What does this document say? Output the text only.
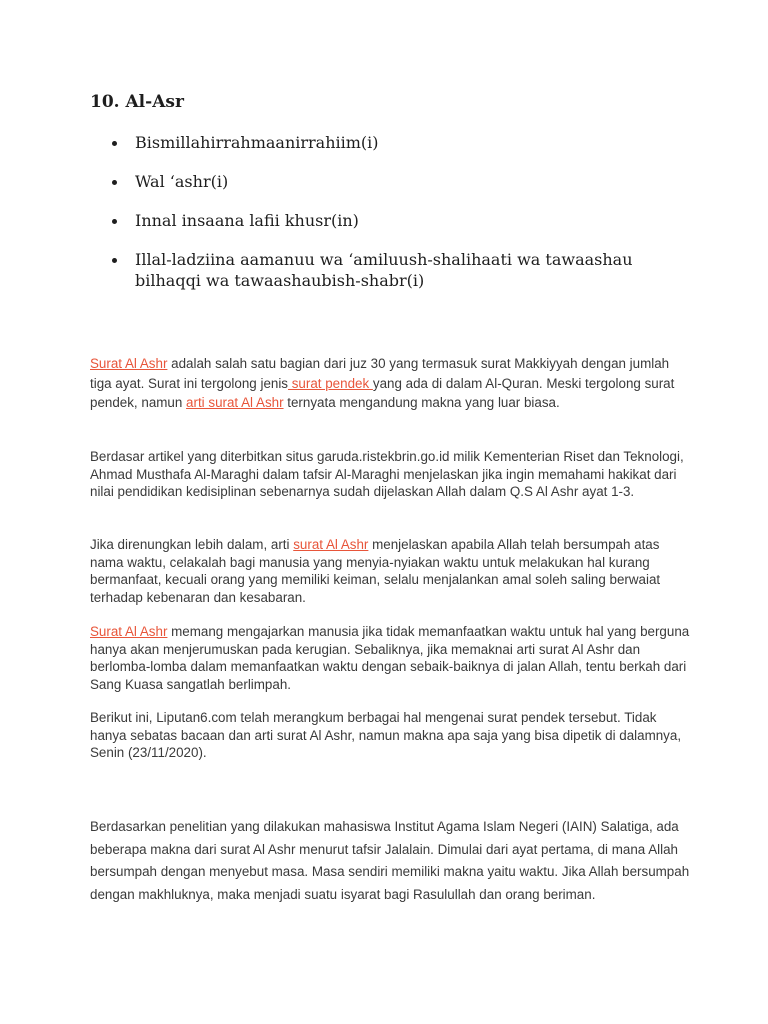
10. Al-Asr
Bismillahirrahmaanirrahiim(i)
Wal ‘ashr(i)
Innal insaana lafii khusr(in)
Illal-ladziina aamanuu wa ‘amiluush-shalihaati wa tawaashau bilhaqqi wa tawaashaubish-shabr(i)

Surat Al Ashr adalah salah satu bagian dari juz 30 yang termasuk surat Makkiyyah dengan jumlah tiga ayat. Surat ini tergolong jenis surat pendek yang ada di dalam Al-Quran. Meski tergolong surat pendek, namun arti surat Al Ashr ternyata mengandung makna yang luar biasa.

Berdasar artikel yang diterbitkan situs garuda.ristekbrin.go.id milik Kementerian Riset dan Teknologi, Ahmad Musthafa Al-Maraghi dalam tafsir Al-Maraghi menjelaskan jika ingin memahami hakikat dari nilai pendidikan kedisiplinan sebenarnya sudah dijelaskan Allah dalam Q.S Al Ashr ayat 1-3.

Jika direnungkan lebih dalam, arti surat Al Ashr menjelaskan apabila Allah telah bersumpah atas nama waktu, celakalah bagi manusia yang menyia-nyiakan waktu untuk melakukan hal kurang bermanfaat, kecuali orang yang memiliki keiman, selalu menjalankan amal soleh saling berwaiat terhadap kebenaran dan kesabaran.

Surat Al Ashr memang mengajarkan manusia jika tidak memanfaatkan waktu untuk hal yang berguna hanya akan menjerumuskan pada kerugian. Sebaliknya, jika memaknai arti surat Al Ashr dan berlomba-lomba dalam memanfaatkan waktu dengan sebaik-baiknya di jalan Allah, tentu berkah dari Sang Kuasa sangatlah berlimpah.

Berikut ini, Liputan6.com telah merangkum berbagai hal mengenai surat pendek tersebut. Tidak hanya sebatas bacaan dan arti surat Al Ashr, namun makna apa saja yang bisa dipetik di dalamnya, Senin (23/11/2020).

Berdasarkan penelitian yang dilakukan mahasiswa Institut Agama Islam Negeri (IAIN) Salatiga, ada beberapa makna dari surat Al Ashr menurut tafsir Jalalain. Dimulai dari ayat pertama, di mana Allah bersumpah dengan menyebut masa. Masa sendiri memiliki makna yaitu waktu. Jika Allah bersumpah dengan makhluknya, maka menjadi suatu isyarat bagi Rasulullah dan orang beriman.
